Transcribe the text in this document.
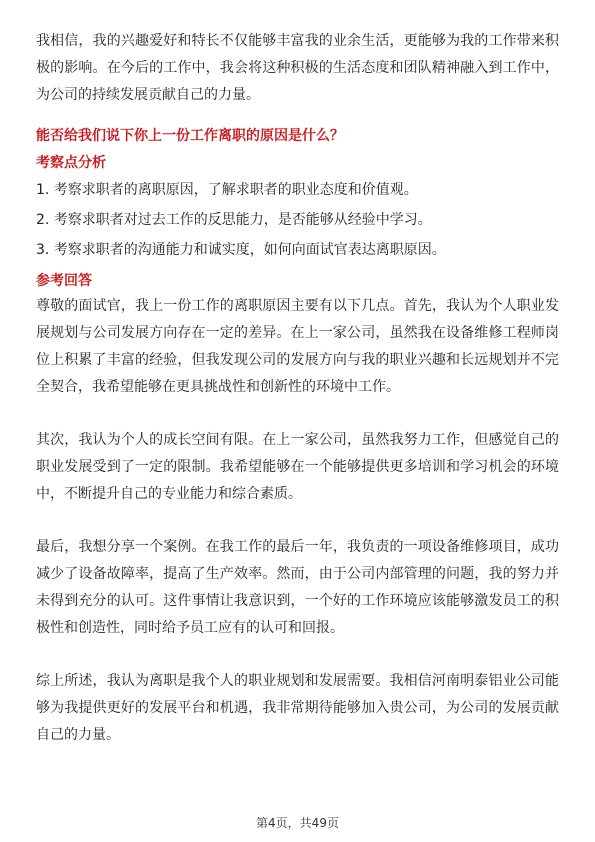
我相信，我的兴趣爱好和特长不仅能够丰富我的业余生活，更能够为我的工作带来积极的影响。在今后的工作中，我会将这种积极的生活态度和团队精神融入到工作中，为公司的持续发展贡献自己的力量。

能否给我们说下你上一份工作离职的原因是什么？

考察点分析

1. 考察求职者的离职原因，了解求职者的职业态度和价值观。

2. 考察求职者对过去工作的反思能力，是否能够从经验中学习。

3. 考察求职者的沟通能力和诚实度，如何向面试官表达离职原因。

参考回答

尊敬的面试官，我上一份工作的离职原因主要有以下几点。首先，我认为个人职业发展规划与公司发展方向存在一定的差异。在上一家公司，虽然我在设备维修工程师岗位上积累了丰富的经验，但我发现公司的发展方向与我的职业兴趣和长远规划并不完全契合，我希望能够在更具挑战性和创新性的环境中工作。

其次，我认为个人的成长空间有限。在上一家公司，虽然我努力工作，但感觉自己的职业发展受到了一定的限制。我希望能够在一个能够提供更多培训和学习机会的环境中，不断提升自己的专业能力和综合素质。

最后，我想分享一个案例。在我工作的最后一年，我负责的一项设备维修项目，成功减少了设备故障率，提高了生产效率。然而，由于公司内部管理的问题，我的努力并未得到充分的认可。这件事情让我意识到，一个好的工作环境应该能够激发员工的积极性和创造性，同时给予员工应有的认可和回报。

综上所述，我认为离职是我个人的职业规划和发展需要。我相信河南明泰铝业公司能够为我提供更好的发展平台和机遇，我非常期待能够加入贵公司，为公司的发展贡献自己的力量。

第4页，共49页
